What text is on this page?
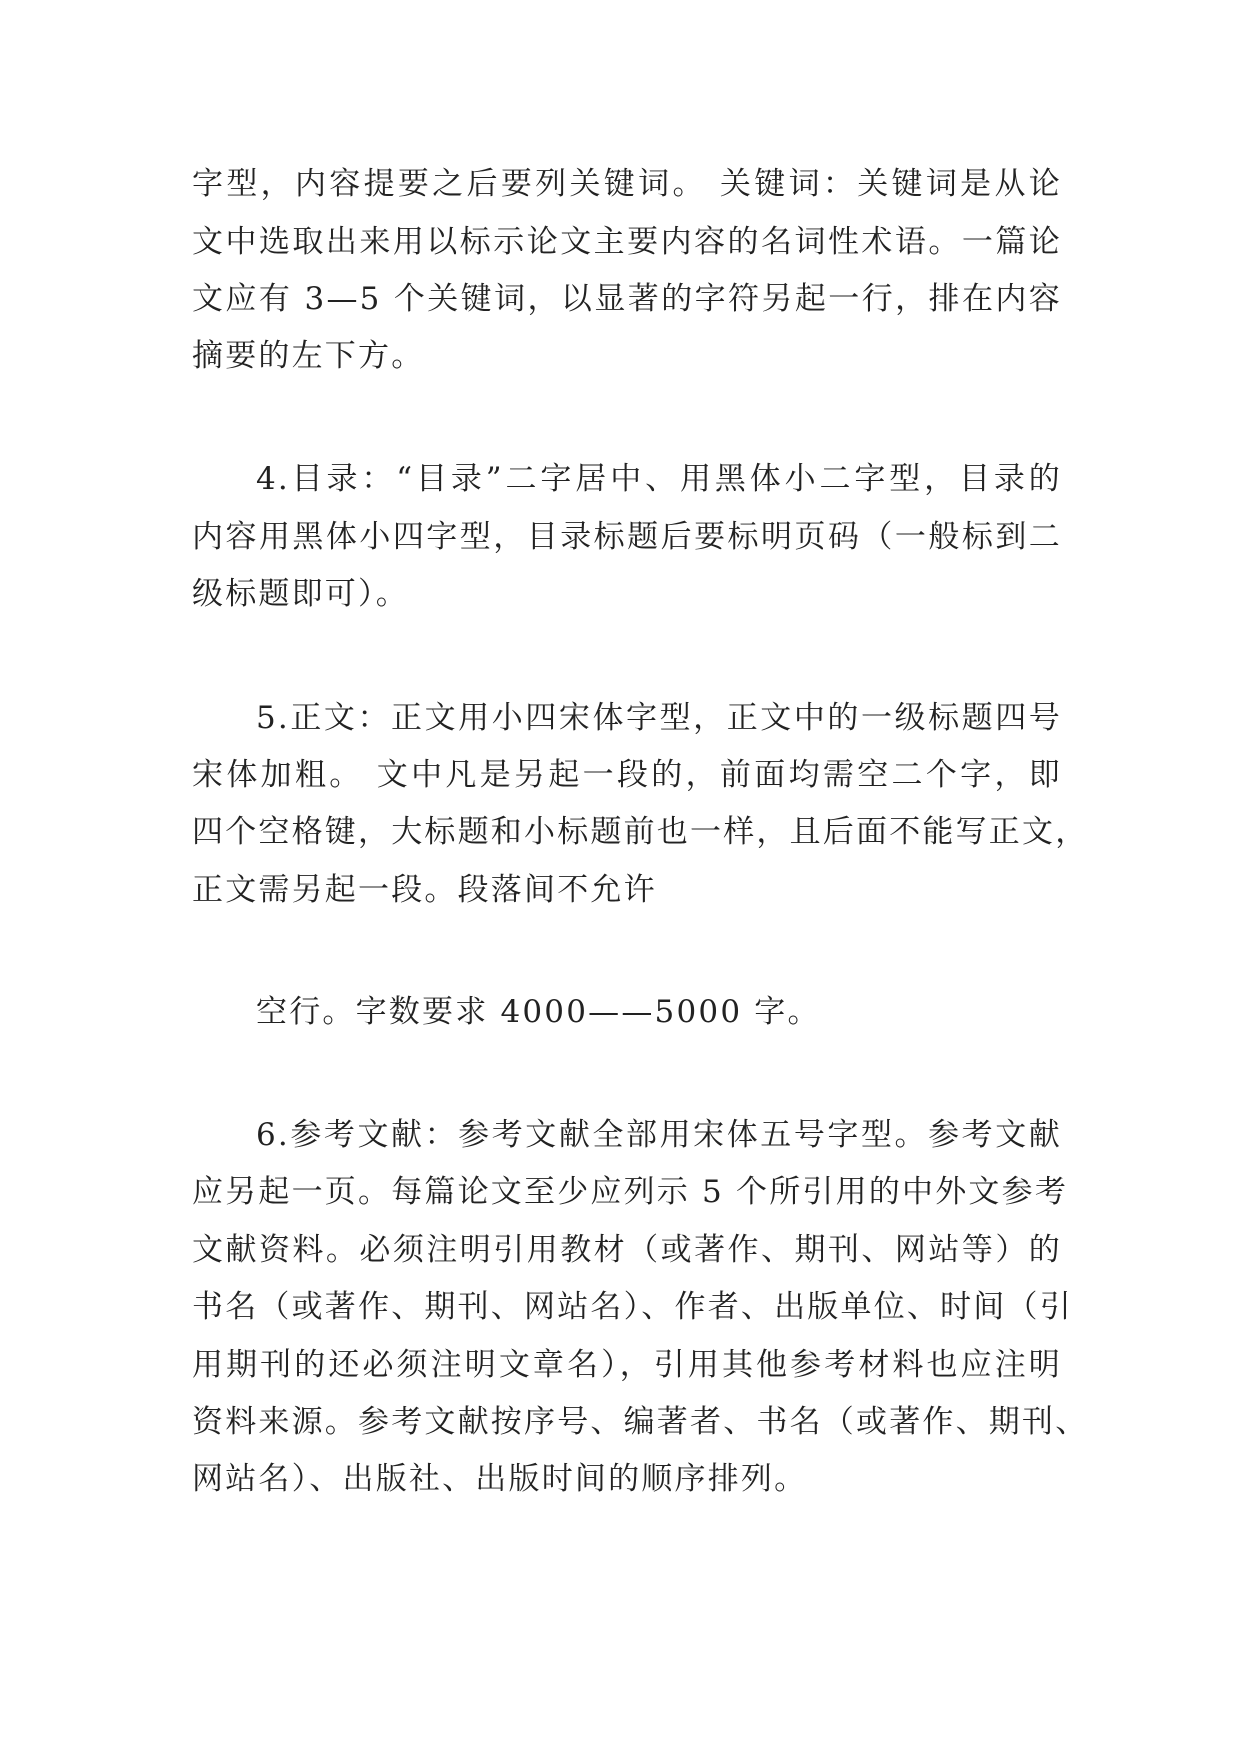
字型，内容提要之后要列关键词。 关键词：关键词是从论
文中选取出来用以标示论文主要内容的名词性术语。一篇论
文应有 3—5 个关键词，以显著的字符另起一行，排在内容
摘要的左下方。
4.目录：“目录”二字居中、用黑体小二字型，目录的
内容用黑体小四字型，目录标题后要标明页码（一般标到二
级标题即可）。
5.正文：正文用小四宋体字型，正文中的一级标题四号
宋体加粗。 文中凡是另起一段的，前面均需空二个字，即
四个空格键，大标题和小标题前也一样，且后面不能写正文，
正文需另起一段。段落间不允许
空行。字数要求 4000——5000 字。
6.参考文献：参考文献全部用宋体五号字型。参考文献
应另起一页。每篇论文至少应列示 5 个所引用的中外文参考
文献资料。必须注明引用教材（或著作、期刊、网站等）的
书名（或著作、期刊、网站名）、作者、出版单位、时间（引
用期刊的还必须注明文章名），引用其他参考材料也应注明
资料来源。参考文献按序号、编著者、书名（或著作、期刊、
网站名）、出版社、出版时间的顺序排列。
